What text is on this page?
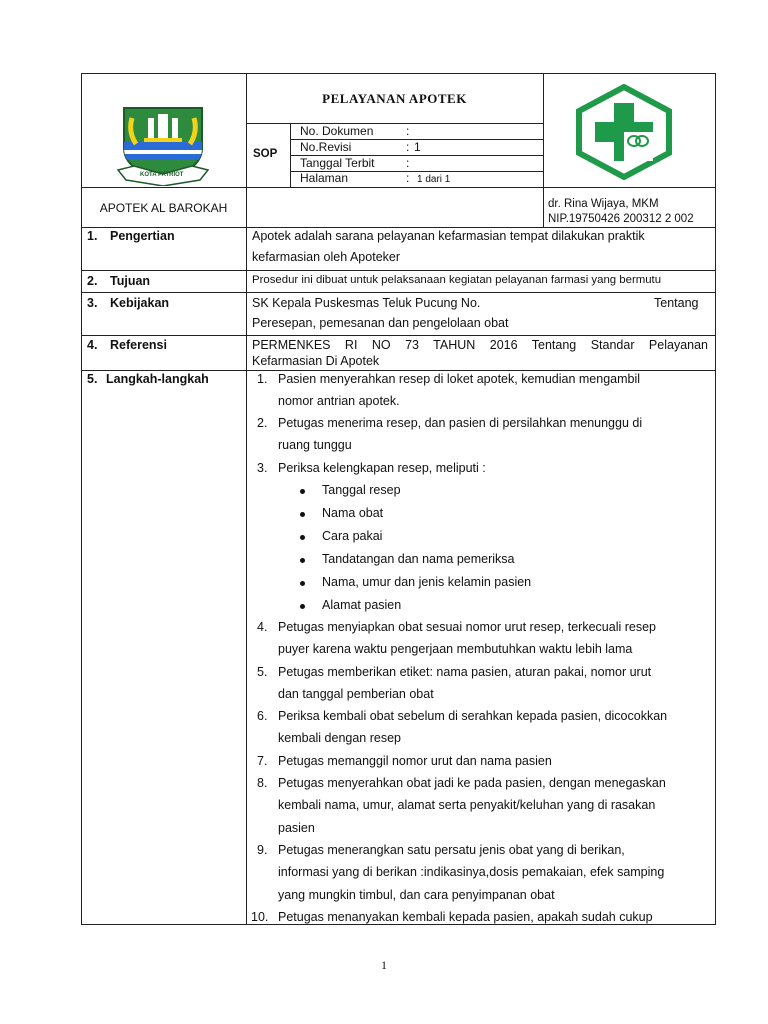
KOTA PATRIOT
PELAYANAN APOTEK
SOP
No. Dokumen	:
No.Revisi	: 1
Tanggal Terbit	:
Halaman	: 1 dari 1
APOTEK AL BAROKAH	dr. Rina Wijaya, MKM
NIP.19750426 200312 2 002
1. Pengertian	Apotek adalah sarana pelayanan kefarmasian tempat dilakukan praktik
kefarmasian oleh Apoteker
2. Tujuan	Prosedur ini dibuat untuk pelaksanaan kegiatan pelayanan farmasi yang bermutu
3. Kebijakan	SK Kepala Puskesmas Teluk Pucung No.	Tentang
Peresepan, pemesanan dan pengelolaan obat
4. Referensi	PERMENKES RI NO 73 TAHUN 2016 Tentang Standar Pelayanan
Kefarmasian Di Apotek
5. Langkah-langkah	1. Pasien menyerahkan resep di loket apotek, kemudian mengambil
nomor antrian apotek.
2. Petugas menerima resep, dan pasien di persilahkan menunggu di
ruang tunggu
3. Periksa kelengkapan resep, meliputi :
Tanggal resep
Nama obat
Cara pakai
Tandatangan dan nama pemeriksa
Nama, umur dan jenis kelamin pasien
Alamat pasien
4. Petugas menyiapkan obat sesuai nomor urut resep, terkecuali resep
puyer karena waktu pengerjaan membutuhkan waktu lebih lama
5. Petugas memberikan etiket: nama pasien, aturan pakai, nomor urut
dan tanggal pemberian obat
6. Periksa kembali obat sebelum di serahkan kepada pasien, dicocokkan
kembali dengan resep
7. Petugas memanggil nomor urut dan nama pasien
8. Petugas menyerahkan obat jadi ke pada pasien, dengan menegaskan
kembali nama, umur, alamat serta penyakit/keluhan yang di rasakan
pasien
9. Petugas menerangkan satu persatu jenis obat yang di berikan,
informasi yang di berikan :indikasinya,dosis pemakaian, efek samping
yang mungkin timbul, dan cara penyimpanan obat
10. Petugas menanyakan kembali kepada pasien, apakah sudah cukup
1
